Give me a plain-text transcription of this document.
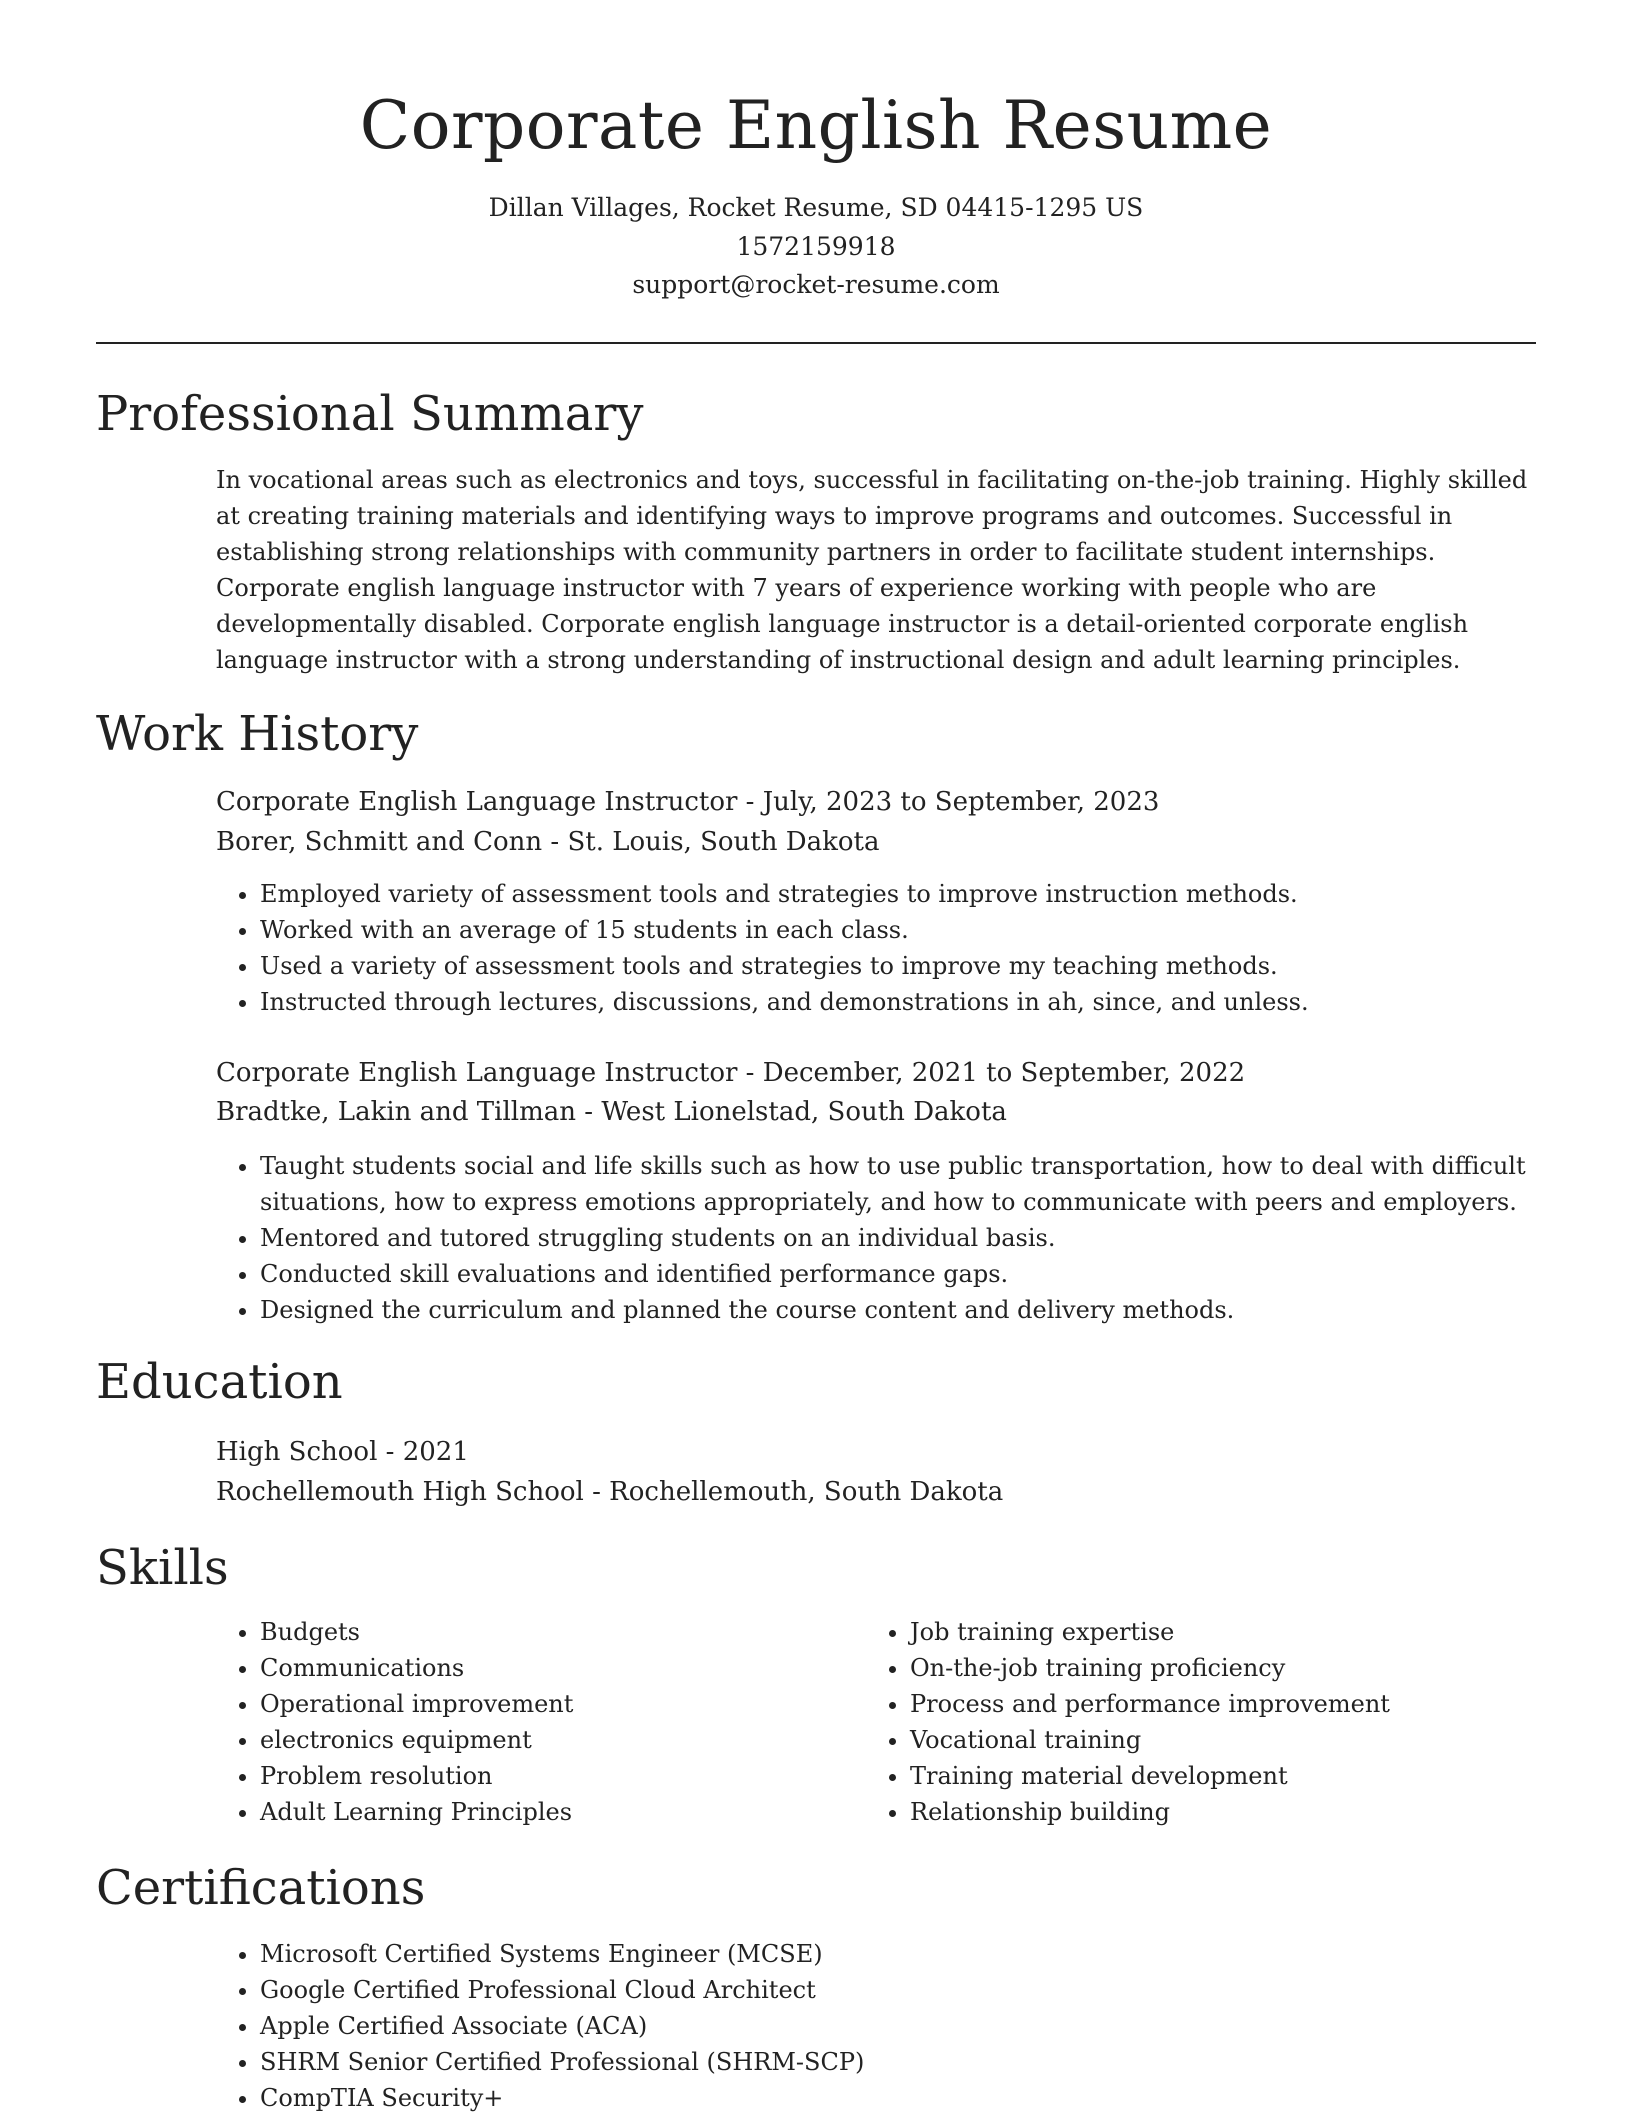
Corporate English Resume
Dillan Villages, Rocket Resume, SD 04415-1295 US
1572159918
support@rocket-resume.com
Professional Summary

In vocational areas such as electronics and toys, successful in facilitating on-the-job training. Highly skilled at creating training materials and identifying ways to improve programs and outcomes. Successful in establishing strong relationships with community partners in order to facilitate student internships. Corporate english language instructor with 7 years of experience working with people who are developmentally disabled. Corporate english language instructor is a detail-oriented corporate english language instructor with a strong understanding of instructional design and adult learning principles.

Work History
Corporate English Language Instructor - July, 2023 to September, 2023
Borer, Schmitt and Conn - St. Louis, South Dakota
• Employed variety of assessment tools and strategies to improve instruction methods.
• Worked with an average of 15 students in each class.
• Used a variety of assessment tools and strategies to improve my teaching methods.
• Instructed through lectures, discussions, and demonstrations in ah, since, and unless.
Corporate English Language Instructor - December, 2021 to September, 2022
Bradtke, Lakin and Tillman - West Lionelstad, South Dakota
• Taught students social and life skills such as how to use public transportation, how to deal with difficult situations, how to express emotions appropriately, and how to communicate with peers and employers.
• Mentored and tutored struggling students on an individual basis.
• Conducted skill evaluations and identified performance gaps.
• Designed the curriculum and planned the course content and delivery methods.
Education
High School - 2021
Rochellemouth High School - Rochellemouth, South Dakota
Skills
• Budgets
• Communications
• Operational improvement
• electronics equipment
• Problem resolution
• Adult Learning Principles
• Job training expertise
• On-the-job training proficiency
• Process and performance improvement
• Vocational training
• Training material development
• Relationship building
Certifications
• Microsoft Certified Systems Engineer (MCSE)
• Google Certified Professional Cloud Architect
• Apple Certified Associate (ACA)
• SHRM Senior Certified Professional (SHRM-SCP)
• CompTIA Security+
